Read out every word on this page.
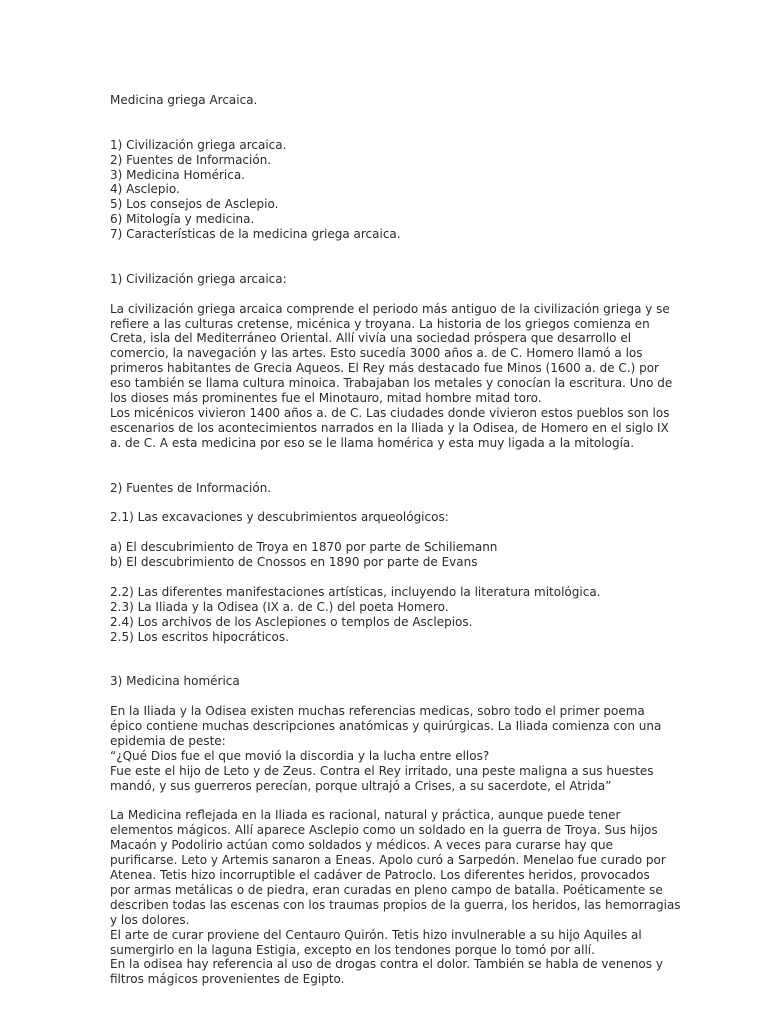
Medicina griega Arcaica.
1) Civilización griega arcaica.
2) Fuentes de Información.
3) Medicina Homérica.
4) Asclepio.
5) Los consejos de Asclepio.
6) Mitología y medicina.
7) Características de la medicina griega arcaica.
1) Civilización griega arcaica:
La civilización griega arcaica comprende el periodo más antiguo de la civilización griega y se
refiere a las culturas cretense, micénica y troyana. La historia de los griegos comienza en
Creta, isla del Mediterráneo Oriental. Allí vivía una sociedad próspera que desarrollo el
comercio, la navegación y las artes. Esto sucedía 3000 años a. de C. Homero llamó a los
primeros habitantes de Grecia Aqueos. El Rey más destacado fue Minos (1600 a. de C.) por
eso también se llama cultura minoica. Trabajaban los metales y conocían la escritura. Uno de
los dioses más prominentes fue el Minotauro, mitad hombre mitad toro.
Los micénicos vivieron 1400 años a. de C. Las ciudades donde vivieron estos pueblos son los
escenarios de los acontecimientos narrados en la Iliada y la Odisea, de Homero en el siglo IX
a. de C. A esta medicina por eso se le llama homérica y esta muy ligada a la mitología.
2) Fuentes de Información.
2.1) Las excavaciones y descubrimientos arqueológicos:
a) El descubrimiento de Troya en 1870 por parte de Schiliemann
b) El descubrimiento de Cnossos en 1890 por parte de Evans
2.2) Las diferentes manifestaciones artísticas, incluyendo la literatura mitológica.
2.3) La Iliada y la Odisea (IX a. de C.) del poeta Homero.
2.4) Los archivos de los Asclepiones o templos de Asclepios.
2.5) Los escritos hipocráticos.
3) Medicina homérica
En la Iliada y la Odisea existen muchas referencias medicas, sobro todo el primer poema
épico contiene muchas descripciones anatómicas y quirúrgicas. La Iliada comienza con una
epidemia de peste:
“¿Qué Dios fue el que movió la discordia y la lucha entre ellos?
Fue este el hijo de Leto y de Zeus. Contra el Rey irritado, una peste maligna a sus huestes
mandó, y sus guerreros perecían, porque ultrajó a Crises, a su sacerdote, el Atrida”
La Medicina reflejada en la Iliada es racional, natural y práctica, aunque puede tener
elementos mágicos. Allí aparece Asclepio como un soldado en la guerra de Troya. Sus hijos
Macaón y Podolirio actúan como soldados y médicos. A veces para curarse hay que
purificarse. Leto y Artemis sanaron a Eneas. Apolo curó a Sarpedón. Menelao fue curado por
Atenea. Tetis hizo incorruptible el cadáver de Patroclo. Los diferentes heridos, provocados
por armas metálicas o de piedra, eran curadas en pleno campo de batalla. Poéticamente se
describen todas las escenas con los traumas propios de la guerra, los heridos, las hemorragias
y los dolores.
El arte de curar proviene del Centauro Quirón. Tetis hizo invulnerable a su hijo Aquiles al
sumergirlo en la laguna Estigia, excepto en los tendones porque lo tomó por allí.
En la odisea hay referencia al uso de drogas contra el dolor. También se habla de venenos y
filtros mágicos provenientes de Egipto.
